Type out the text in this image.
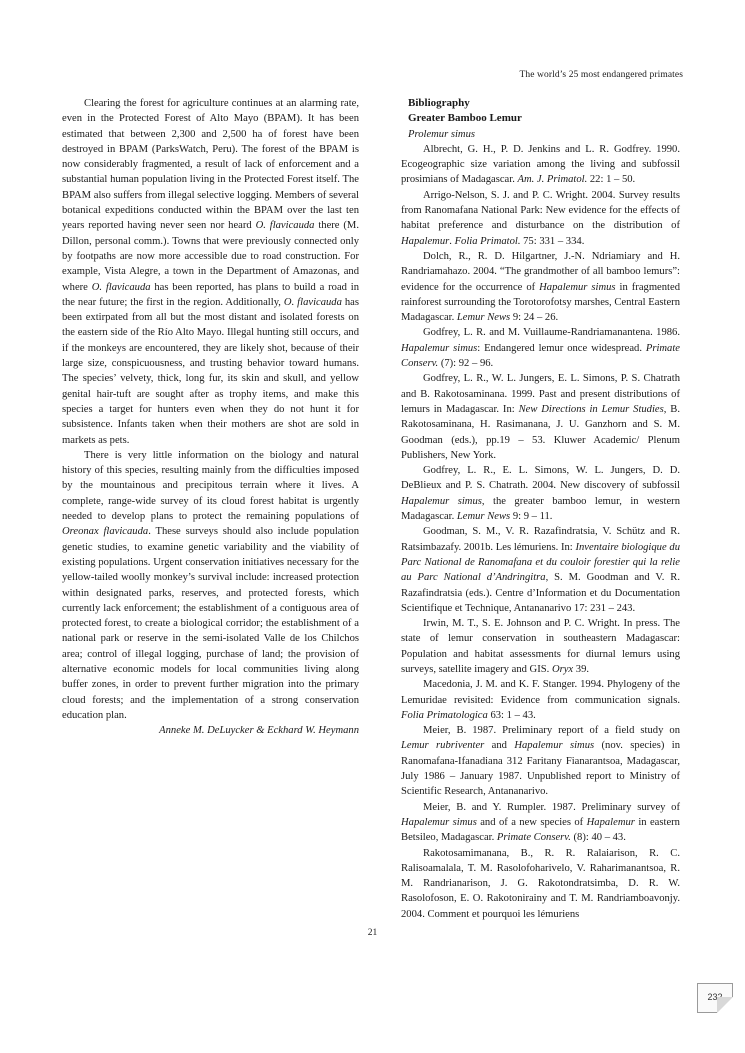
The world’s 25 most endangered primates

Clearing the forest for agriculture continues at an alarming rate, even in the Protected Forest of Alto Mayo (BPAM). It has been estimated that between 2,300 and 2,500 ha of forest have been destroyed in BPAM (ParksWatch, Peru). The forest of the BPAM is now considerably fragmented, a result of lack of enforcement and a substantial human population living in the Protected Forest itself. The BPAM also suffers from illegal selective logging. Members of several botanical expeditions conducted within the BPAM over the last ten years reported having never seen nor heard O. flavicauda there (M. Dillon, personal comm.). Towns that were previously connected only by footpaths are now more accessible due to road construction. For example, Vista Alegre, a town in the Department of Amazonas, and where O. flavicauda has been reported, has plans to build a road in the near future; the first in the region. Additionally, O. flavicauda has been extirpated from all but the most distant and isolated forests on the eastern side of the Río Alto Mayo. Illegal hunting still occurs, and if the monkeys are encountered, they are likely shot, because of their large size, conspicuousness, and trusting behavior toward humans. The species’ velvety, thick, long fur, its skin and skull, and yellow genital hair-tuft are sought after as trophy items, and make this species a target for hunters even when they do not hunt it for subsistence. Infants taken when their mothers are shot are sold in markets as pets.

There is very little information on the biology and natural history of this species, resulting mainly from the difficulties imposed by the mountainous and precipitous terrain where it lives. A complete, range-wide survey of its cloud forest habitat is urgently needed to develop plans to protect the remaining populations of Oreonax flavicauda. These surveys should also include population genetic studies, to examine genetic variability and the viability of existing populations. Urgent conservation initiatives necessary for the yellow-tailed woolly monkey’s survival include: increased protection within designated parks, reserves, and protected forests, which currently lack enforcement; the establishment of a contiguous area of protected forest, to create a biological corridor; the establishment of a national park or reserve in the semi-isolated Valle de los Chilchos area; control of illegal logging, purchase of land; the provision of alternative economic models for local communities living along buffer zones, in order to prevent further migration into the primary cloud forests; and the implementation of a strong conservation education plan.

Anneke M. DeLuycker & Eckhard W. Heymann

Bibliography

Greater Bamboo Lemur

Prolemur simus

Albrecht, G. H., P. D. Jenkins and L. R. Godfrey. 1990. Ecogeographic size variation among the living and subfossil prosimians of Madagascar. Am. J. Primatol. 22: 1 – 50.

Arrigo-Nelson, S. J. and P. C. Wright. 2004. Survey results from Ranomafana National Park: New evidence for the effects of habitat preference and disturbance on the distribution of Hapalemur. Folia Primatol. 75: 331 – 334.

Dolch, R., R. D. Hilgartner, J.-N. Ndriamiary and H. Randriamahazo. 2004. “The grandmother of all bamboo lemurs”: evidence for the occurrence of Hapalemur simus in fragmented rainforest surrounding the Torotorofotsy marshes, Central Eastern Madagascar. Lemur News 9: 24 – 26.

Godfrey, L. R. and M. Vuillaume-Randriamanantena. 1986. Hapalemur simus: Endangered lemur once widespread. Primate Conserv. (7): 92 – 96.

Godfrey, L. R., W. L. Jungers, E. L. Simons, P. S. Chatrath and B. Rakotosaminana. 1999. Past and present distributions of lemurs in Madagascar. In: New Directions in Lemur Studies, B. Rakotosaminana, H. Rasimanana, J. U. Ganzhorn and S. M. Goodman (eds.), pp.19 – 53. Kluwer Academic/ Plenum Publishers, New York.

Godfrey, L. R., E. L. Simons, W. L. Jungers, D. D. DeBlieux and P. S. Chatrath. 2004. New discovery of subfossil Hapalemur simus, the greater bamboo lemur, in western Madagascar. Lemur News 9: 9 – 11.

Goodman, S. M., V. R. Razafindratsia, V. Schütz and R. Ratsimbazafy. 2001b. Les lémuriens. In: Inventaire biologique du Parc National de Ranomafana et du couloir forestier qui la relie au Parc National d’Andringitra, S. M. Goodman and V. R. Razafindratsia (eds.). Centre d’Information et du Documentation Scientifique et Technique, Antananarivo 17: 231 – 243.

Irwin, M. T., S. E. Johnson and P. C. Wright. In press. The state of lemur conservation in southeastern Madagascar: Population and habitat assessments for diurnal lemurs using surveys, satellite imagery and GIS. Oryx 39.

Macedonia, J. M. and K. F. Stanger. 1994. Phylogeny of the Lemuridae revisited: Evidence from communication signals. Folia Primatologica 63: 1 – 43.

Meier, B. 1987. Preliminary report of a field study on Lemur rubriventer and Hapalemur simus (nov. species) in Ranomafana-Ifanadiana 312 Faritany Fianarantsoa, Madagascar, July 1986 – January 1987. Unpublished report to Ministry of Scientific Research, Antananarivo.

Meier, B. and Y. Rumpler. 1987. Preliminary survey of Hapalemur simus and of a new species of Hapalemur in eastern Betsileo, Madagascar. Primate Conserv. (8): 40 – 43.

Rakotosamimanana, B., R. R. Ralaiarison, R. C. Ralisoamalala, T. M. Rasolofoharivelo, V. Raharimanantsoa, R. M. Randrianarison, J. G. Rakotondratsimba, D. R. W. Rasolofoson, E. O. Rakotonirainy and T. M. Randriamboavonjy. 2004. Comment et pourquoi les lémuriens

21
232
